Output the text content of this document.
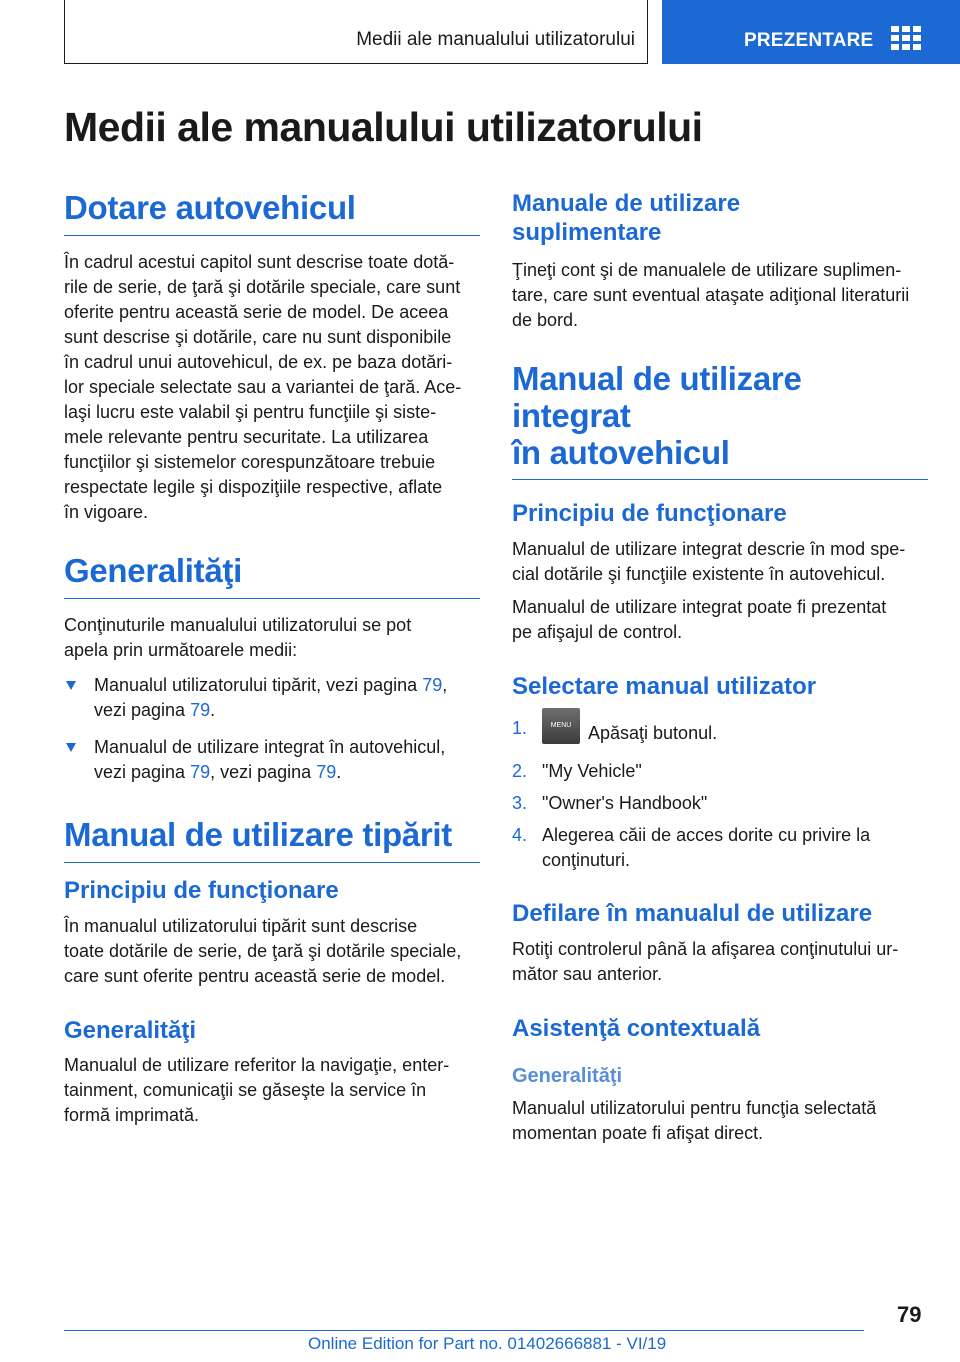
Medii ale manualului utilizatorului	PREZENTARE
Medii ale manualului utilizatorului
Dotare autovehicul

În cadrul acestui capitol sunt descrise toate dotă-
rile de serie, de ţară şi dotările speciale, care sunt
oferite pentru această serie de model. De aceea
sunt descrise şi dotările, care nu sunt disponibile
în cadrul unui autovehicul, de ex. pe baza dotări-
lor speciale selectate sau a variantei de ţară. Ace-
laşi lucru este valabil şi pentru funcţiile şi siste-
mele relevante pentru securitate. La utilizarea
funcţiilor şi sistemelor corespunzătoare trebuie
respectate legile şi dispoziţiile respective, aflate
în vigoare.

Generalităţi

Conţinuturile manualului utilizatorului se pot
apela prin următoarele medii:

Manualul utilizatorului tipărit, vezi pagina 79,
vezi pagina 79.
Manualul de utilizare integrat în autovehicul,
vezi pagina 79, vezi pagina 79.
Manual de utilizare tipărit
Principiu de funcţionare

În manualul utilizatorului tipărit sunt descrise
toate dotările de serie, de ţară şi dotările speciale,
care sunt oferite pentru această serie de model.

Generalităţi

Manualul de utilizare referitor la navigaţie, enter-
tainment, comunicaţii se găseşte la service în
formă imprimată.

Manuale de utilizare
suplimentare

Ţineţi cont şi de manualele de utilizare suplimen-
tare, care sunt eventual ataşate adiţional literaturii
de bord.

Manual de utilizare integrat
în autovehicul
Principiu de funcţionare

Manualul de utilizare integrat descrie în mod spe-
cial dotările şi funcţiile existente în autovehicul.

Manualul de utilizare integrat poate fi prezentat
pe afişajul de control.

Selectare manual utilizator
1.	MENU Apăsaţi butonul.
2. "My Vehicle"
3. "Owner's Handbook"
4. Alegerea căii de acces dorite cu privire la
conţinuturi.
Defilare în manualul de utilizare

Rotiţi controlerul până la afişarea conţinutului ur-
mător sau anterior.

Asistenţă contextuală
Generalităţi

Manualul utilizatorului pentru funcţia selectată
momentan poate fi afişat direct.

79
Online Edition for Part no. 01402666881 - VI/19
